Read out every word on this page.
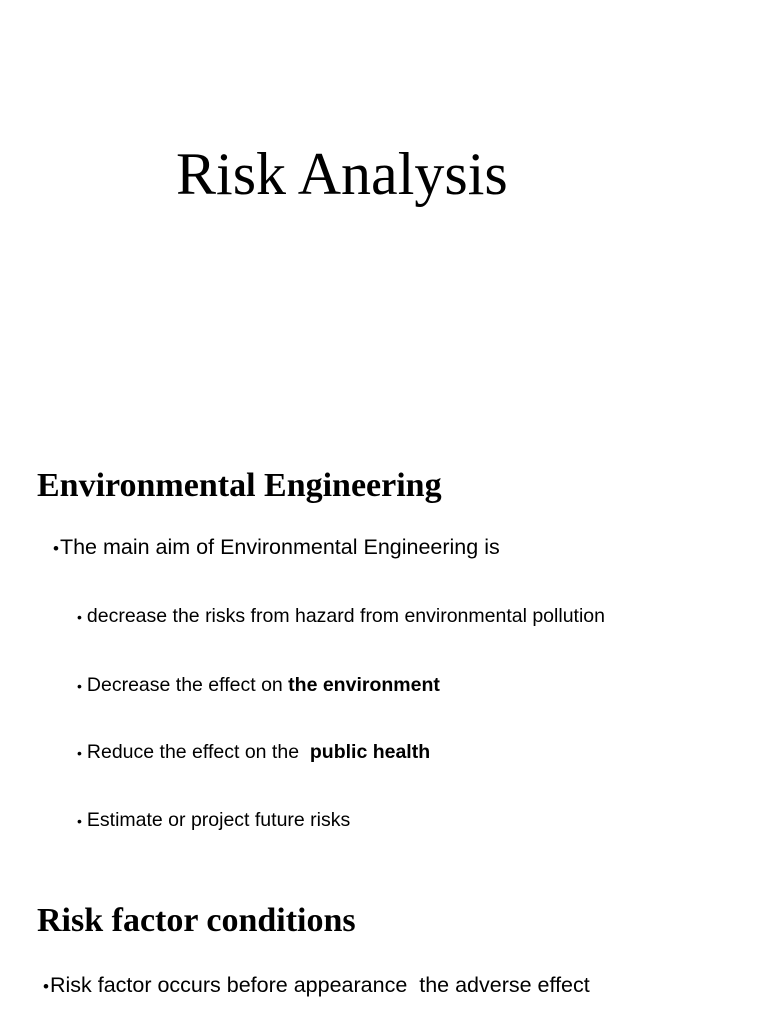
Risk Analysis
Environmental Engineering
• The main aim of Environmental Engineering is
• decrease the risks from hazard from environmental pollution
• Decrease the effect on the environment
• Reduce the effect on the public health
• Estimate or project future risks
Risk factor conditions
• Risk factor occurs before appearance  the adverse effect
